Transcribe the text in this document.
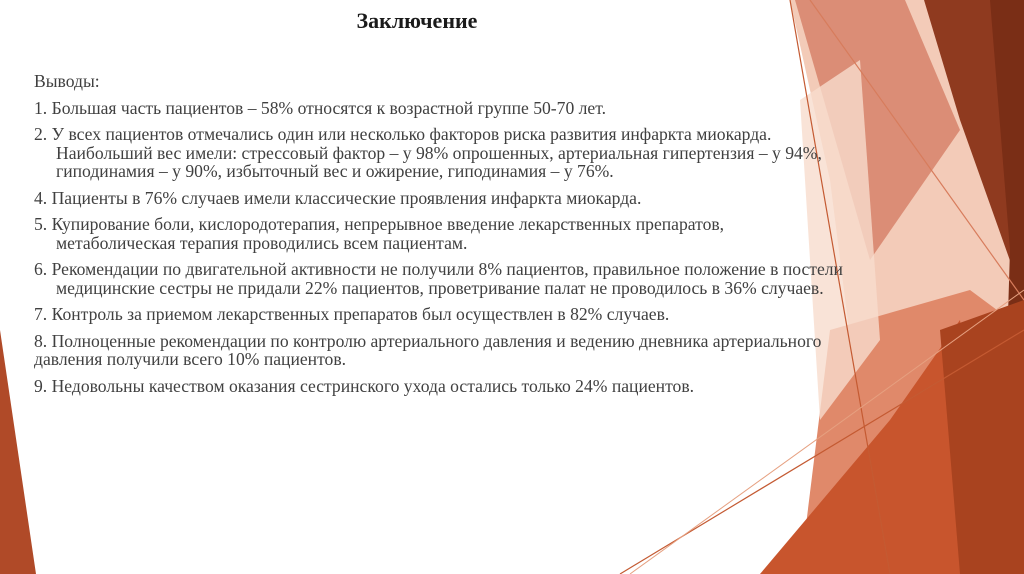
Заключение

Выводы:

1. Большая часть пациентов – 58% относятся к возрастной группе 50-70 лет.

2. У всех пациентов отмечались один или несколько факторов риска развития инфаркта миокарда. Наибольший вес имели: стрессовый фактор – у 98% опрошенных, артериальная гипертензия – у 94%, гиподинамия – у 90%, избыточный вес и ожирение, гиподинамия – у 76%.

4. Пациенты в 76% случаев имели классические проявления инфаркта миокарда.

5. Купирование боли, кислородотерапия, непрерывное введение лекарственных препаратов, метаболическая терапия проводились всем пациентам.

6. Рекомендации по двигательной активности не получили 8% пациентов, правильное положение в постели медицинские сестры не придали 22% пациентов, проветривание палат не проводилось в 36% случаев.

7. Контроль за приемом лекарственных препаратов был осуществлен в 82% случаев.

8. Полноценные рекомендации по контролю артериального давления и ведению дневника артериального давления получили всего 10% пациентов.

9. Недовольны качеством оказания сестринского ухода остались только 24% пациентов.
